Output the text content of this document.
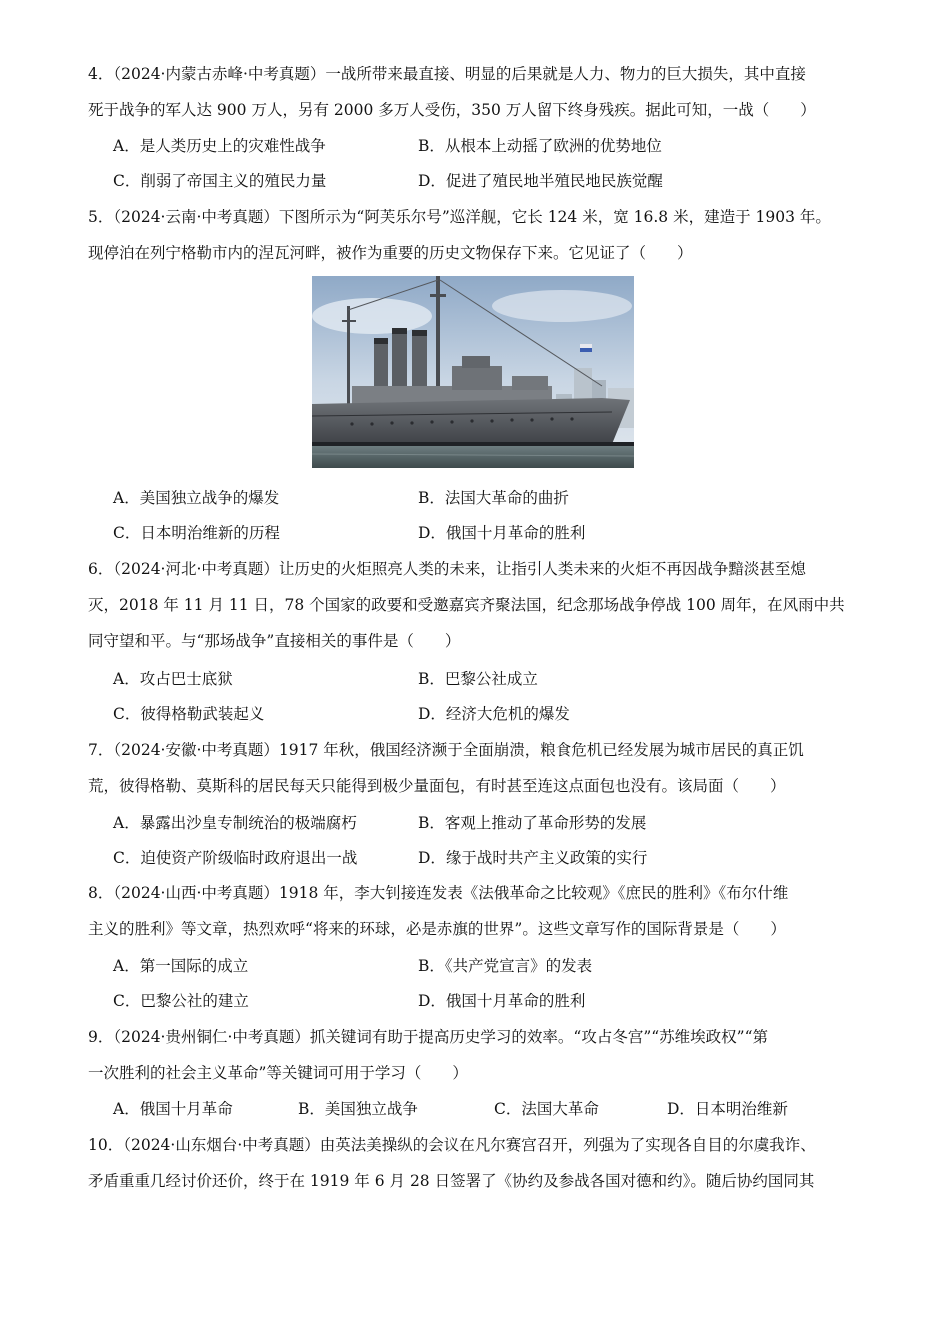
4．（2024·内蒙古赤峰·中考真题）一战所带来最直接、明显的后果就是人力、物力的巨大损失，其中直接
死于战争的军人达 900 万人，另有 2000 多万人受伤，350 万人留下终身残疾。据此可知，一战（　　）
A．是人类历史上的灾难性战争	B．从根本上动摇了欧洲的优势地位
C．削弱了帝国主义的殖民力量	D．促进了殖民地半殖民地民族觉醒
5．（2024·云南·中考真题）下图所示为“阿芙乐尔号”巡洋舰，它长 124 米，宽 16.8 米，建造于 1903 年。
现停泊在列宁格勒市内的涅瓦河畔，被作为重要的历史文物保存下来。它见证了（　　）
A．美国独立战争的爆发	B．法国大革命的曲折
C．日本明治维新的历程	D．俄国十月革命的胜利
6．（2024·河北·中考真题）让历史的火炬照亮人类的未来，让指引人类未来的火炬不再因战争黯淡甚至熄
灭，2018 年 11 月 11 日，78 个国家的政要和受邀嘉宾齐聚法国，纪念那场战争停战 100 周年，在风雨中共
同守望和平。与“那场战争”直接相关的事件是（　　）
A．攻占巴士底狱	B．巴黎公社成立
C．彼得格勒武装起义	D．经济大危机的爆发
7．（2024·安徽·中考真题）1917 年秋，俄国经济濒于全面崩溃，粮食危机已经发展为城市居民的真正饥
荒，彼得格勒、莫斯科的居民每天只能得到极少量面包，有时甚至连这点面包也没有。该局面（　　）
A．暴露出沙皇专制统治的极端腐朽	B．客观上推动了革命形势的发展
C．迫使资产阶级临时政府退出一战	D．缘于战时共产主义政策的实行
8．（2024·山西·中考真题）1918 年，李大钊接连发表《法俄革命之比较观》《庶民的胜利》《布尔什维
主义的胜利》等文章，热烈欢呼“将来的环球，必是赤旗的世界”。这些文章写作的国际背景是（　　）
A．第一国际的成立	B．《共产党宣言》的发表
C．巴黎公社的建立	D．俄国十月革命的胜利
9．（2024·贵州铜仁·中考真题）抓关键词有助于提高历史学习的效率。“攻占冬宫”“苏维埃政权”“第
一次胜利的社会主义革命”等关键词可用于学习（　　）
A．俄国十月革命	B．美国独立战争	C．法国大革命	D．日本明治维新
10．（2024·山东烟台·中考真题）由英法美操纵的会议在凡尔赛宫召开，列强为了实现各自目的尔虞我诈、
矛盾重重几经讨价还价，终于在 1919 年 6 月 28 日签署了《协约及参战各国对德和约》。随后协约国同其
